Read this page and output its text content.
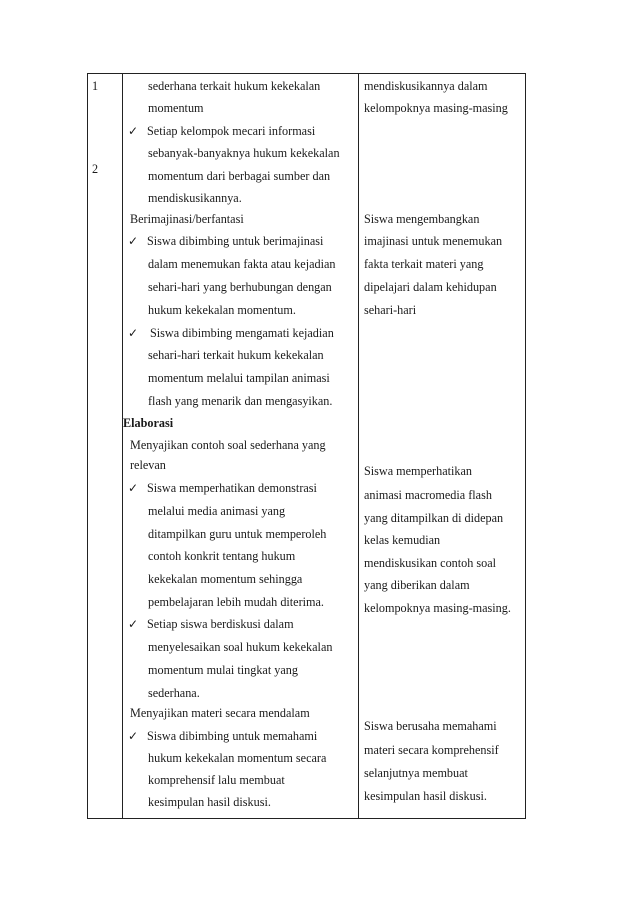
1
2
sederhana terkait hukum kekekalan
momentum
✓ Setiap kelompok mecari informasi
sebanyak-banyaknya hukum kekekalan
momentum dari berbagai sumber dan
mendiskusikannya.
Berimajinasi/berfantasi
✓ Siswa dibimbing untuk berimajinasi
dalam menemukan fakta atau kejadian
sehari-hari yang berhubungan dengan
hukum kekekalan momentum.
✓ Siswa dibimbing mengamati kejadian
sehari-hari terkait hukum kekekalan
momentum melalui tampilan animasi
flash yang menarik dan mengasyikan.
Elaborasi
Menyajikan contoh soal sederhana yang
relevan
✓ Siswa memperhatikan demonstrasi
melalui media animasi yang
ditampilkan guru untuk memperoleh
contoh konkrit tentang hukum
kekekalan momentum sehingga
pembelajaran lebih mudah diterima.
✓ Setiap siswa berdiskusi dalam
menyelesaikan soal hukum kekekalan
momentum mulai tingkat yang
sederhana.
Menyajikan materi secara mendalam
✓ Siswa dibimbing untuk memahami
hukum kekekalan momentum secara
komprehensif lalu membuat
kesimpulan hasil diskusi.
mendiskusikannya dalam
kelompoknya masing-masing
Siswa mengembangkan
imajinasi untuk menemukan
fakta terkait materi yang
dipelajari dalam kehidupan
sehari-hari
Siswa memperhatikan
animasi macromedia flash
yang ditampilkan di didepan
kelas kemudian
mendiskusikan contoh soal
yang diberikan dalam
kelompoknya masing-masing.
Siswa berusaha memahami
materi secara komprehensif
selanjutnya membuat
kesimpulan hasil diskusi.
